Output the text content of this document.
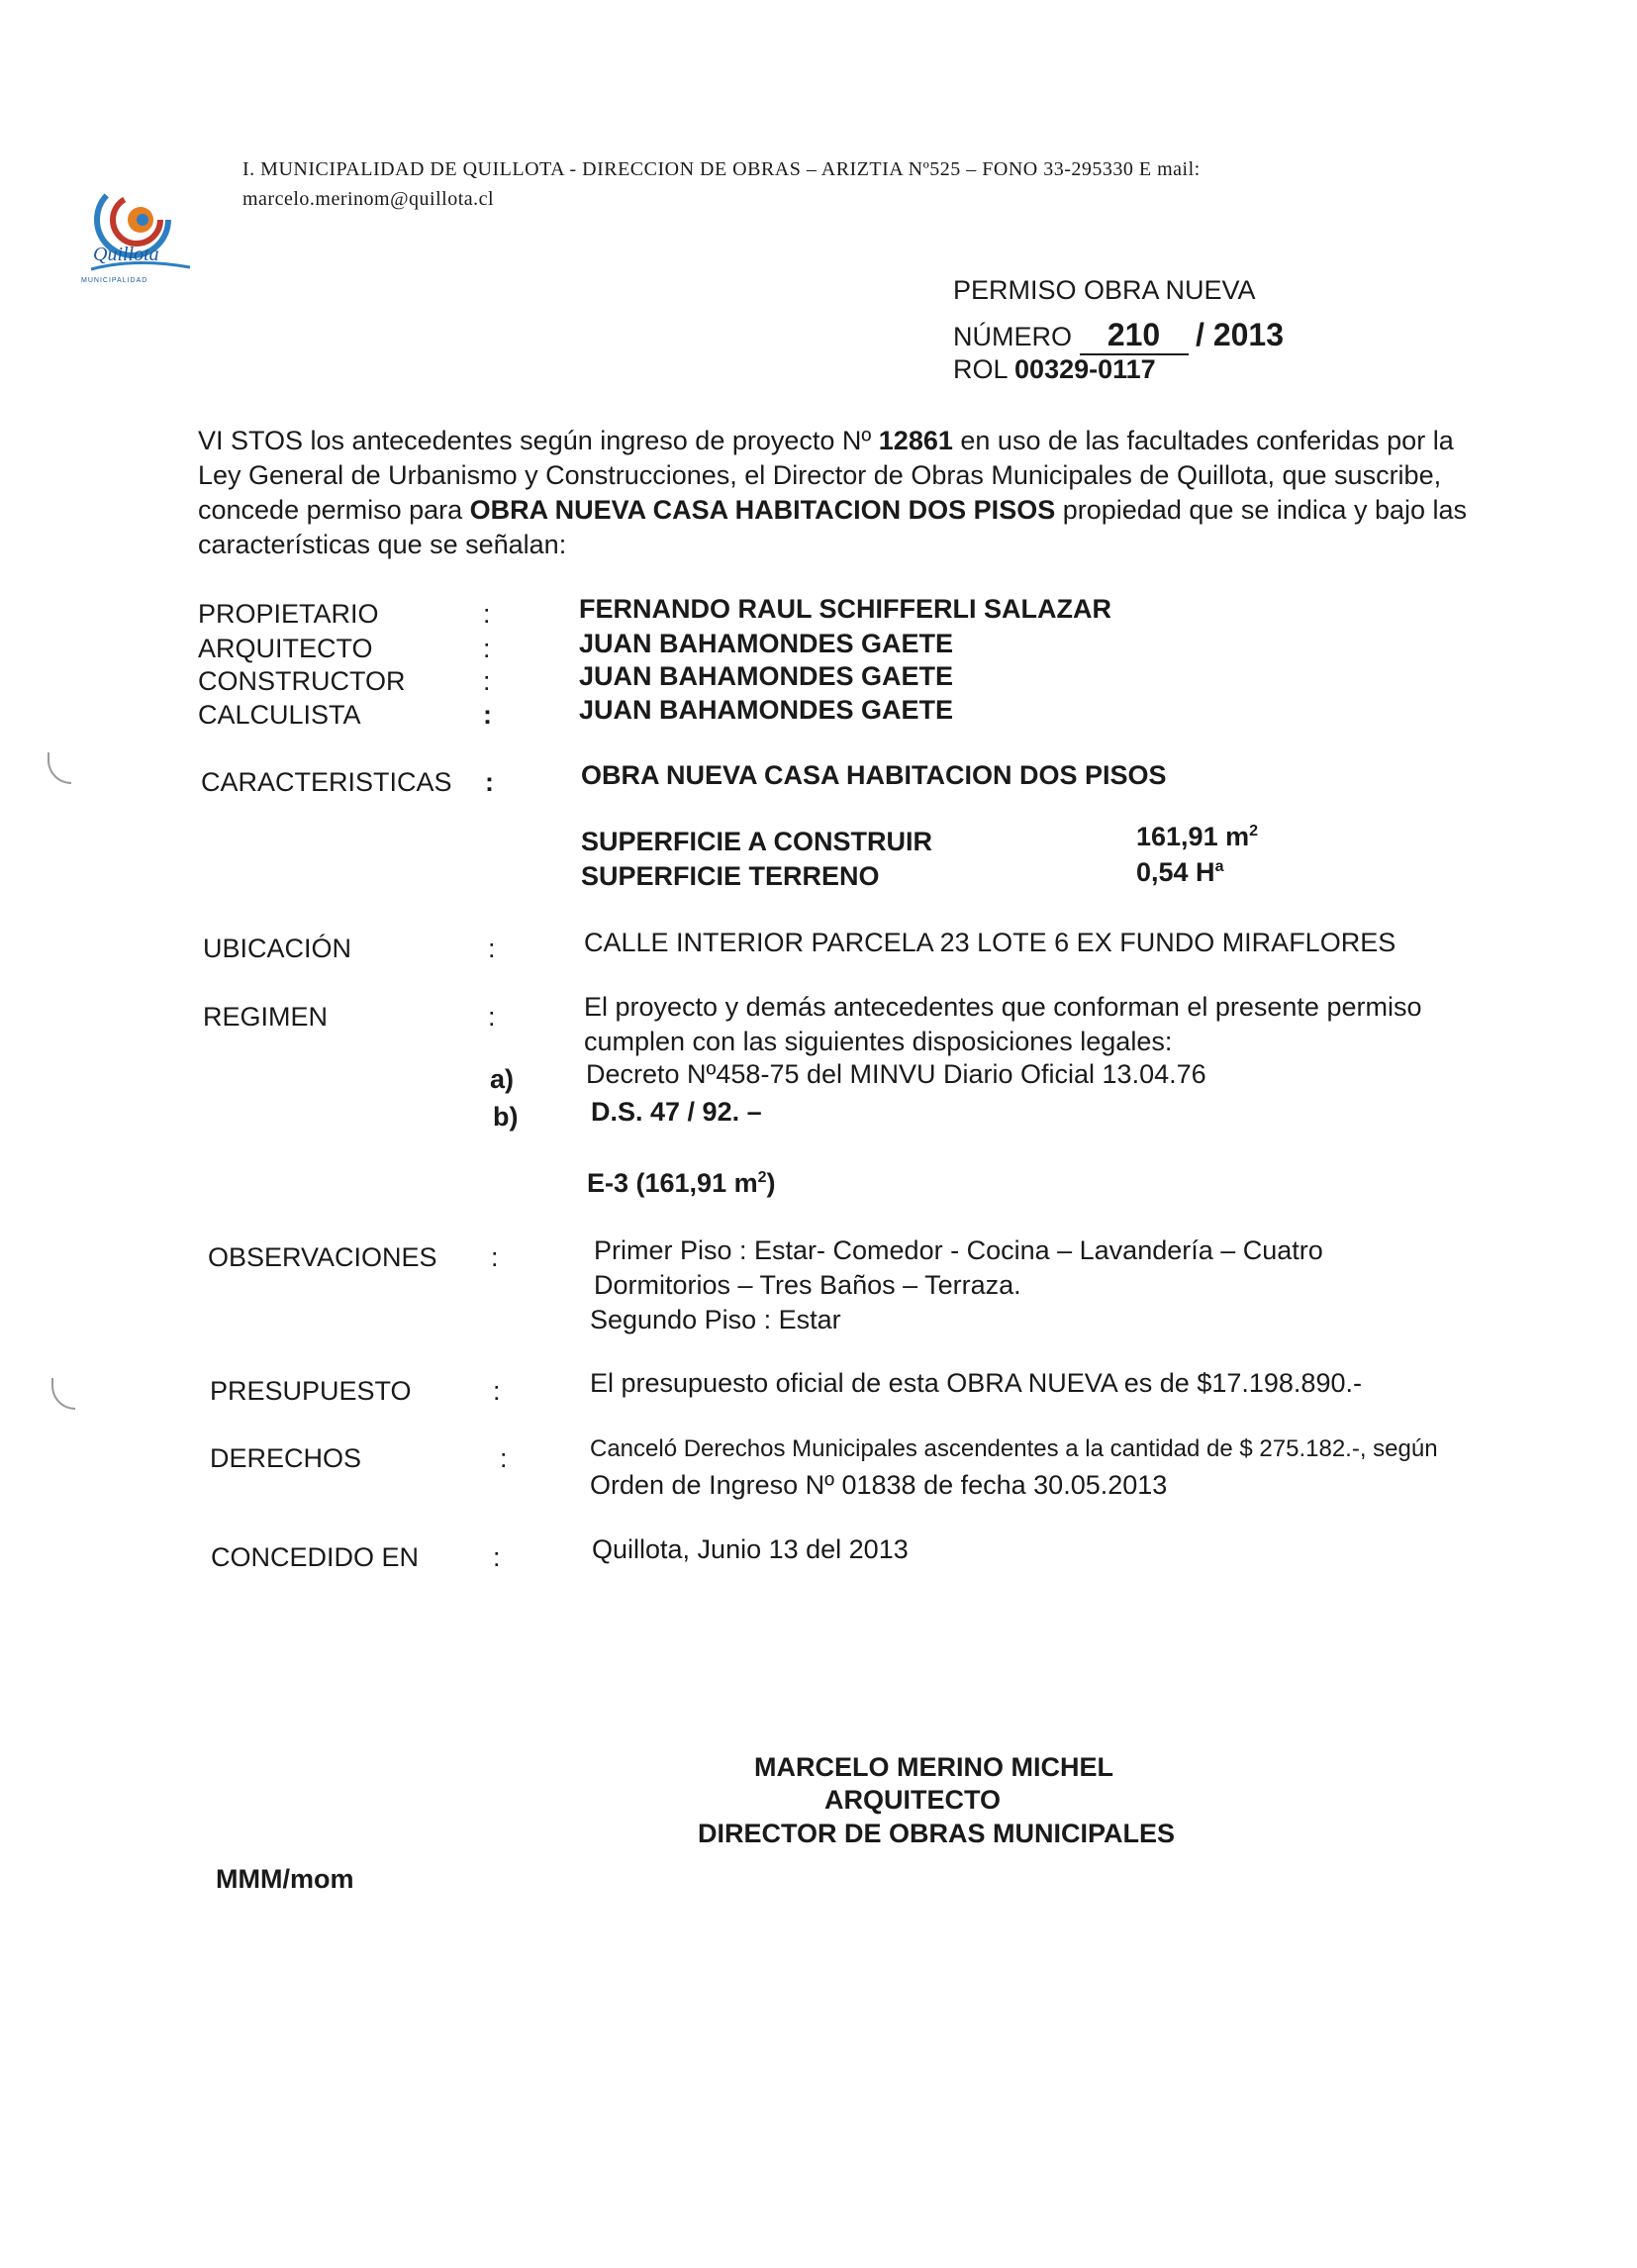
Quillota
MUNICIPALIDAD
I. MUNICIPALIDAD DE QUILLOTA - DIRECCION DE OBRAS – ARIZTIA Nº525 – FONO 33-295330 E mail:
marcelo.merinom@quillota.cl
PERMISO OBRA NUEVA
NÚMERO 210 / 2013
ROL 00329-0117
VI STOS los antecedentes según ingreso de proyecto Nº 12861 en uso de las facultades conferidas por la
Ley General de Urbanismo y Construcciones, el Director de Obras Municipales de Quillota, que suscribe,
concede permiso para OBRA NUEVA CASA HABITACION DOS PISOS propiedad que se indica y bajo las
características que se señalan:
PROPIETARIO	:	FERNANDO RAUL SCHIFFERLI SALAZAR
ARQUITECTO	:	JUAN BAHAMONDES GAETE
CONSTRUCTOR	:	JUAN BAHAMONDES GAETE
CALCULISTA	:	JUAN BAHAMONDES GAETE
CARACTERISTICAS :	OBRA NUEVA CASA HABITACION DOS PISOS
SUPERFICIE A CONSTRUIR	161,91 $m^2$
SUPERFICIE TERRENO	0,54 $H^a$
UBICACIÓN	:	CALLE INTERIOR PARCELA 23 LOTE 6 EX FUNDO MIRAFLORES
REGIMEN	:	El proyecto y demás antecedentes que conforman el presente permiso
cumplen con las siguientes disposiciones legales:
a)	Decreto Nº458-75 del MINVU Diario Oficial 13.04.76
b)	D.S. 47 / 92. –
E-3 (161,91 $m^2$)
OBSERVACIONES :	Primer Piso : Estar- Comedor - Cocina – Lavandería – Cuatro
Dormitorios – Tres Baños – Terraza.
Segundo Piso : Estar
PRESUPUESTO	:	El presupuesto oficial de esta OBRA NUEVA es de $17.198.890.-
DERECHOS	:	Canceló Derechos Municipales ascendentes a la cantidad de $ 275.182.-, según
Orden de Ingreso Nº 01838 de fecha 30.05.2013
CONCEDIDO EN	:	Quillota, Junio 13 del 2013
MARCELO MERINO MICHEL
ARQUITECTO
DIRECTOR DE OBRAS MUNICIPALES
MMM/mom
